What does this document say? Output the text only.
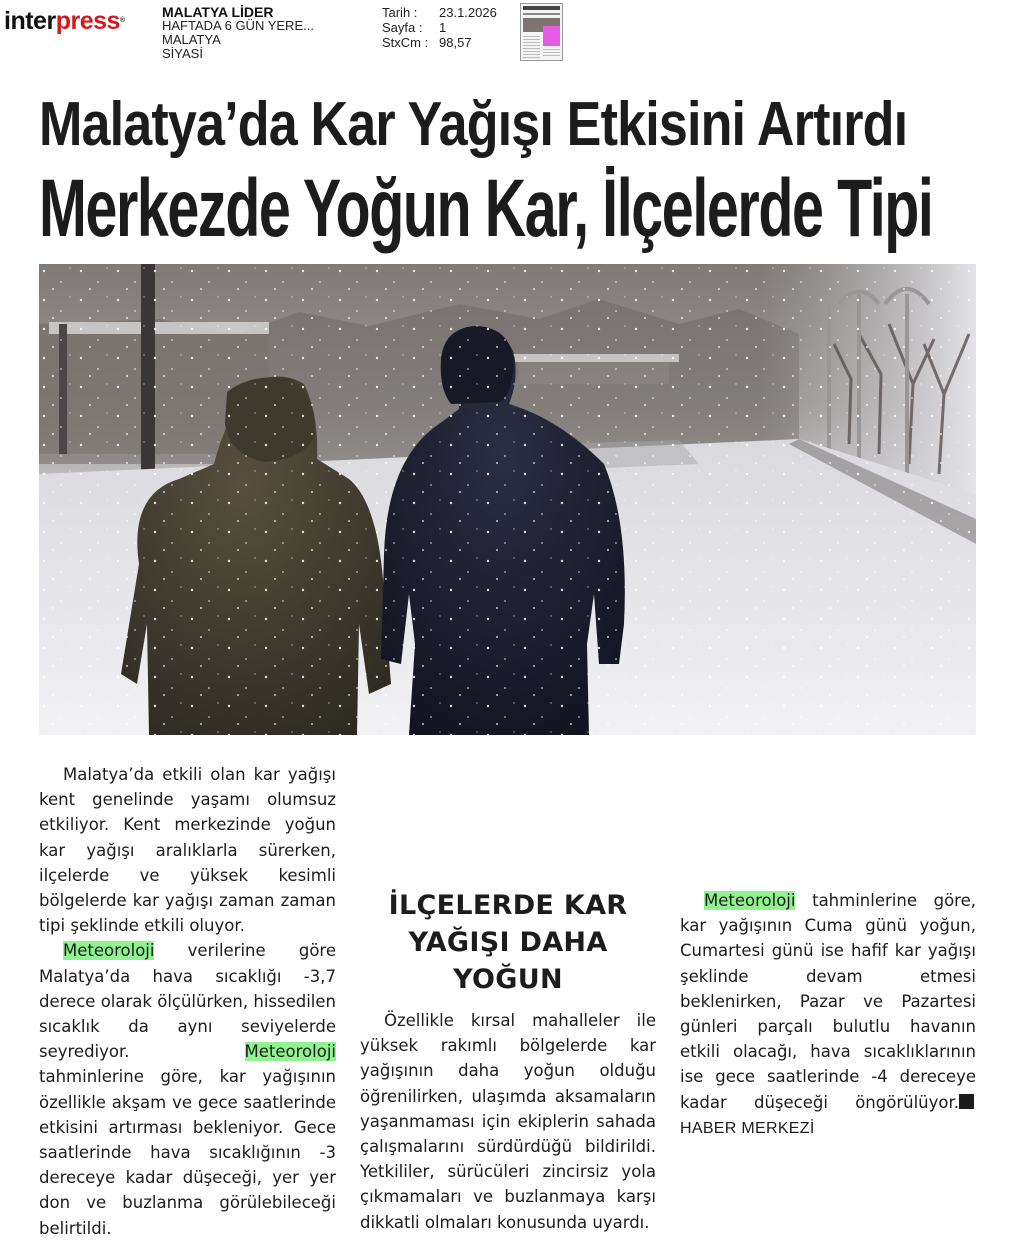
interpress®
MALATYA LİDER
HAFTADA 6 GÜN YERE...
MALATYA
SİYASİ
Tarih :	23.1.2026
Sayfa :	1
StxCm : 98,57
Malatya’da Kar Yağışı Etkisini Artırdı
Merkezde Yoğun Kar, İlçelerde Tipi

Malatya’da etkili olan kar yağışı kent genelinde yaşamı olumsuz etkiliyor. Kent merkezinde yoğun kar yağışı aralıklarla sürerken, ilçelerde ve yüksek kesimli bölgelerde kar yağışı zaman zaman tipi şeklinde etkili oluyor.

Meteoroloji verilerine göre Malatya’da hava sıcaklığı -3,7 derece olarak ölçülürken, hissedilen sıcaklık da aynı seviyelerde seyrediyor. Meteoroloji tahminlerine göre, kar yağışının özellikle akşam ve gece saatlerinde etkisini artırması bekleniyor. Gece saatlerinde hava sıcaklığının -3 dereceye kadar düşeceği, yer yer don ve buzlanma görülebileceği belirtildi.

İLÇELERDE KAR YAĞIŞI DAHA YOĞUN

Özellikle kırsal mahalleler ile yüksek rakımlı bölgelerde kar yağışının daha yoğun olduğu öğrenilirken, ulaşımda aksamaların yaşanmaması için ekiplerin sahada çalışmalarını sürdürdüğü bildirildi. Yetkililer, sürücüleri zincirsiz yola çıkmamaları ve buzlanmaya karşı dikkatli olmaları konusunda uyardı.

Meteoroloji tahminlerine göre, kar yağışının Cuma günü yoğun, Cumartesi günü ise hafif kar yağışı şeklinde devam etmesi beklenirken, Pazar ve Pazartesi günleri parçalı bulutlu havanın etkili olacağı, hava sıcaklıklarının ise gece saatlerinde -4 dereceye kadar düşeceği öngörülüyor.HABER MERKEZİ
